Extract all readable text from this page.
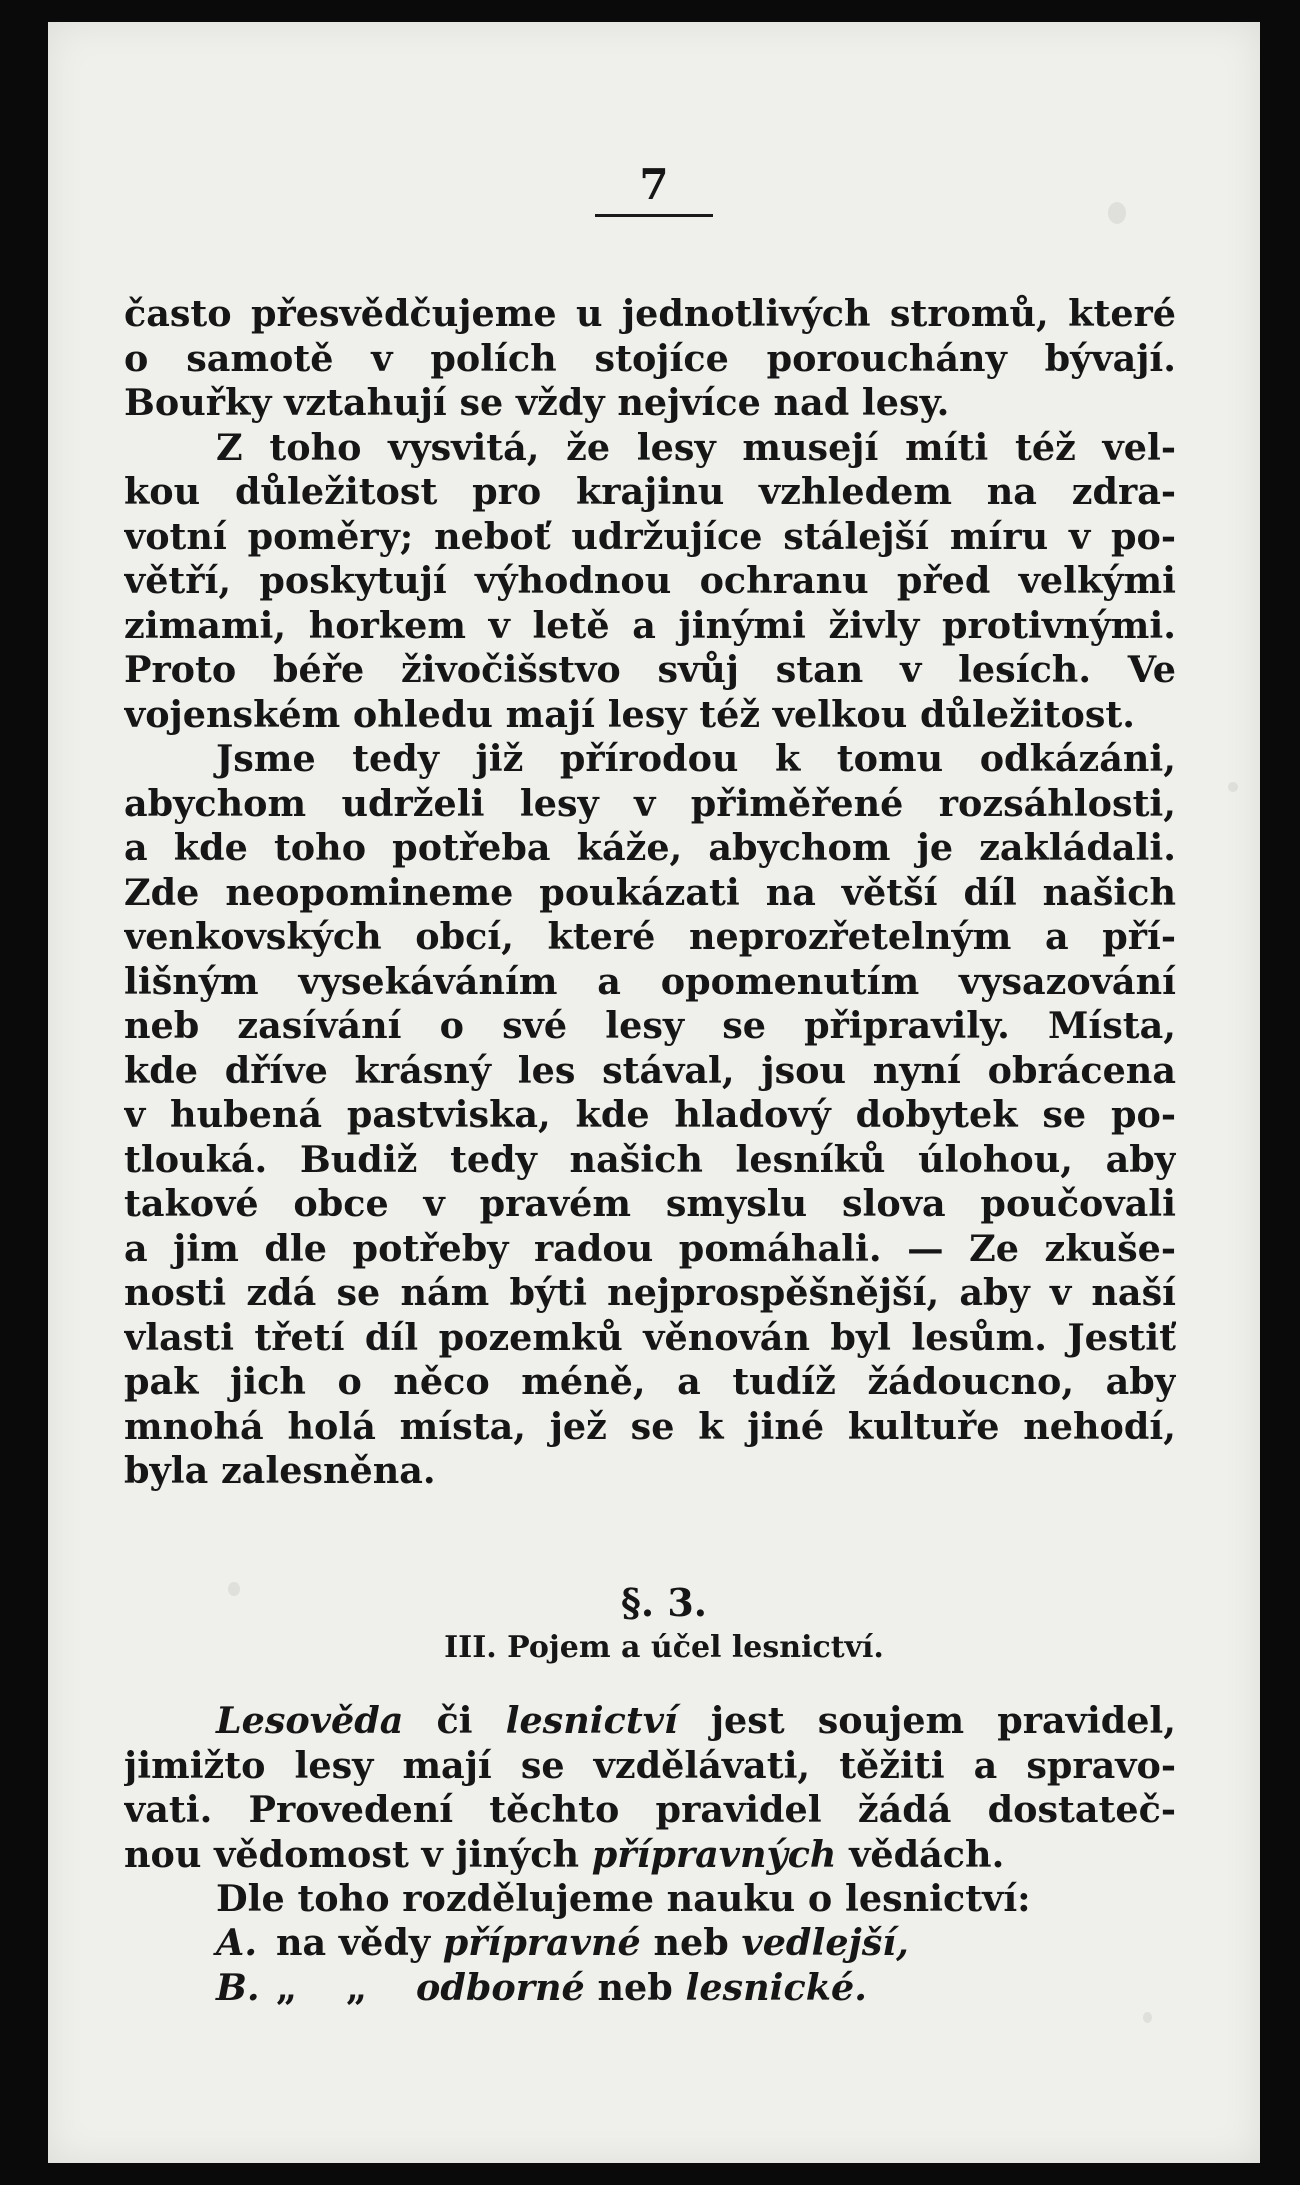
7
často přesvědčujeme u jednotlivých stromů, které
o samotě v polích stojíce porouchány bývají.
Bouřky vztahují se vždy nejvíce nad lesy.
Z toho vysvitá, že lesy musejí míti též vel-
kou důležitost pro krajinu vzhledem na zdra-
votní poměry; neboť udržujíce stálejší míru v po-
větří, poskytují výhodnou ochranu před velkými
zimami, horkem v letě a jinými živly protivnými.
Proto béře živočišstvo svůj stan v lesích. Ve
vojenském ohledu mají lesy též velkou důležitost.
Jsme tedy již přírodou k tomu odkázáni,
abychom udrželi lesy v přiměřené rozsáhlosti,
a kde toho potřeba káže, abychom je zakládali.
Zde neopomineme poukázati na větší díl našich
venkovských obcí, které neprozřetelným a pří-
lišným vysekáváním a opomenutím vysazování
neb zasívání o své lesy se připravily. Místa,
kde dříve krásný les stával, jsou nyní obrácena
v hubená pastviska, kde hladový dobytek se po-
tlouká. Budiž tedy našich lesníků úlohou, aby
takové obce v pravém smyslu slova poučovali
a jim dle potřeby radou pomáhali. — Ze zkuše-
nosti zdá se nám býti nejprospěšnější, aby v naší
vlasti třetí díl pozemků věnován byl lesům. Jestiť
pak jich o něco méně, a tudíž žádoucno, aby
mnohá holá místa, jež se k jiné kultuře nehodí,
byla zalesněna.
§. 3.
III. Pojem a účel lesnictví.
Lesověda či lesnictví jest soujem pravidel,
jimižto lesy mají se vzdělávati, těžiti a spravo-
vati. Provedení těchto pravidel žádá dostateč-
nou vědomost v jiných přípravných vědách.
Dle toho rozdělujeme nauku o lesnictví:
A. na vědy přípravné neb vedlejší,
B. „ „ odborné neb lesnické.
